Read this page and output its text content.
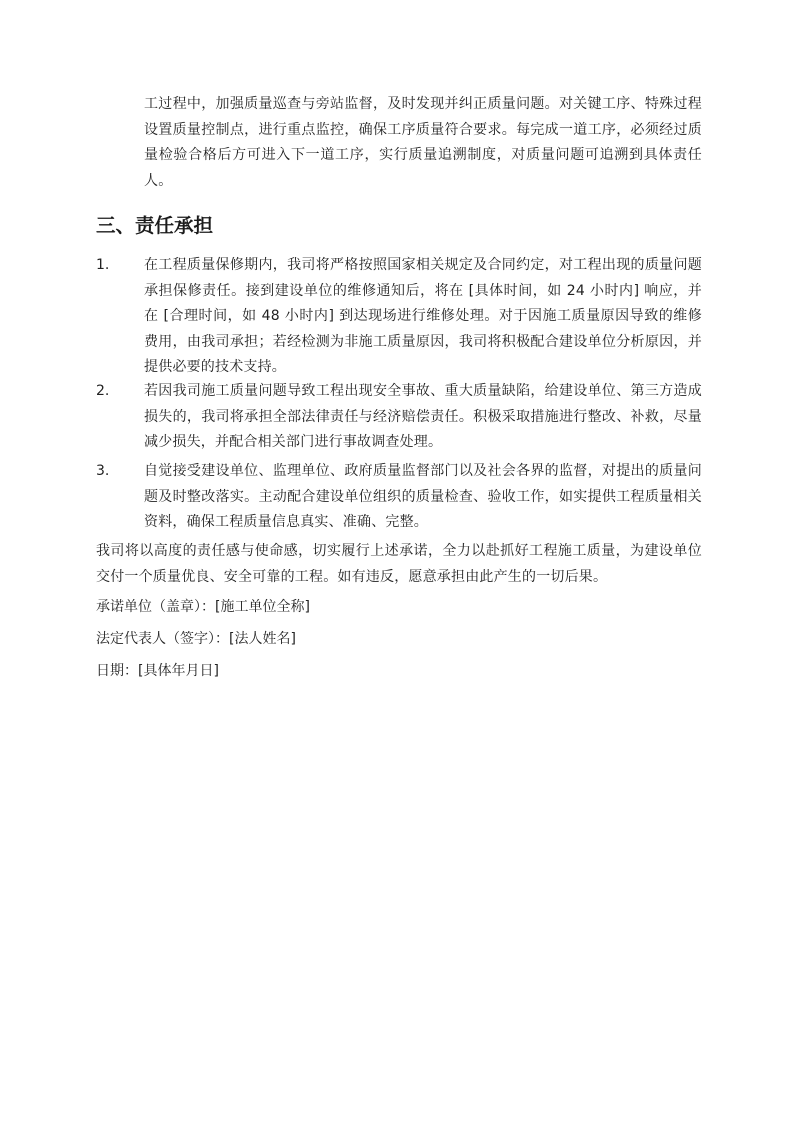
工过程中，加强质量巡查与旁站监督，及时发现并纠正质量问题。对关键工序、特殊过程设置质量控制点，进行重点监控，确保工序质量符合要求。每完成一道工序，必须经过质量检验合格后方可进入下一道工序，实行质量追溯制度，对质量问题可追溯到具体责任人。

三、责任承担
1. 在工程质量保修期内，我司将严格按照国家相关规定及合同约定，对工程出现的质量问题承担保修责任。接到建设单位的维修通知后，将在 [具体时间，如 24 小时内] 响应，并在 [合理时间，如 48 小时内] 到达现场进行维修处理。对于因施工质量原因导致的维修费用，由我司承担；若经检测为非施工质量原因，我司将积极配合建设单位分析原因，并提供必要的技术支持。

2. 若因我司施工质量问题导致工程出现安全事故、重大质量缺陷，给建设单位、第三方造成损失的，我司将承担全部法律责任与经济赔偿责任。积极采取措施进行整改、补救，尽量减少损失，并配合相关部门进行事故调查处理。

3. 自觉接受建设单位、监理单位、政府质量监督部门以及社会各界的监督，对提出的质量问题及时整改落实。主动配合建设单位组织的质量检查、验收工作，如实提供工程质量相关资料，确保工程质量信息真实、准确、完整。

我司将以高度的责任感与使命感，切实履行上述承诺，全力以赴抓好工程施工质量，为建设单位交付一个质量优良、安全可靠的工程。如有违反，愿意承担由此产生的一切后果。

承诺单位（盖章）：[施工单位全称]

法定代表人（签字）：[法人姓名]

日期：[具体年月日]
